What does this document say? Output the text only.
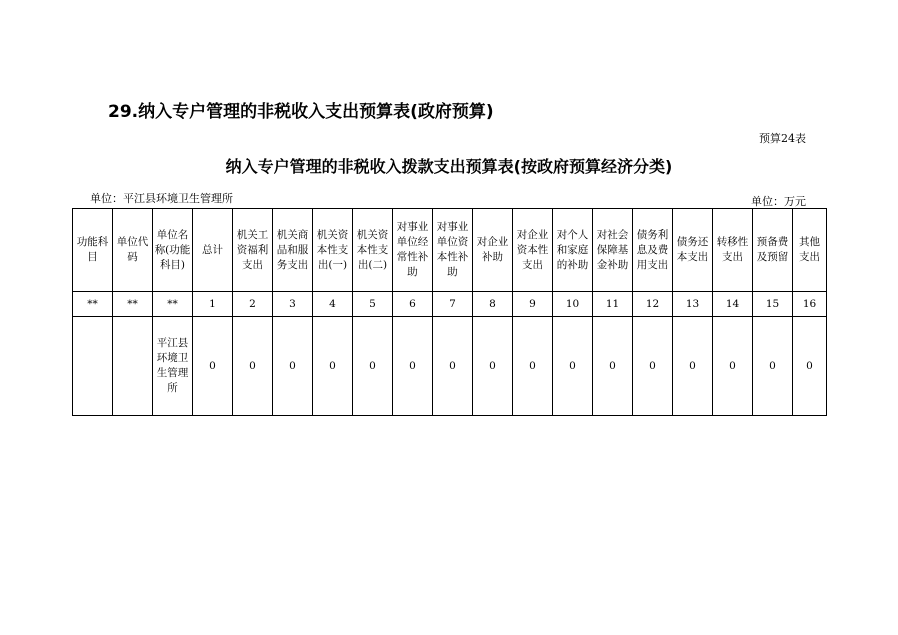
29.纳入专户管理的非税收入支出预算表(政府预算)
预算24表
纳入专户管理的非税收入拨款支出预算表(按政府预算经济分类)
单位：平江县环境卫生管理所	单位：万元
功能科目	单位代码	单位名称(功能科目)	总计	机关工资福利支出	机关商品和服务支出	机关资本性支出(一)	机关资本性支出(二)	对事业单位经常性补助	对事业单位资本性补助	对企业补助	对企业资本性支出	对个人和家庭的补助	对社会保障基金补助	债务利息及费用支出	债务还本支出	转移性支出	预备费及预留	其他支出
**	**	**	1	2	3	4	5	6	7	8	9	10	11	12	13	14	15	16
		平江县环境卫生管理所	0	0	0	0	0	0	0	0	0	0	0	0	0	0	0	0
